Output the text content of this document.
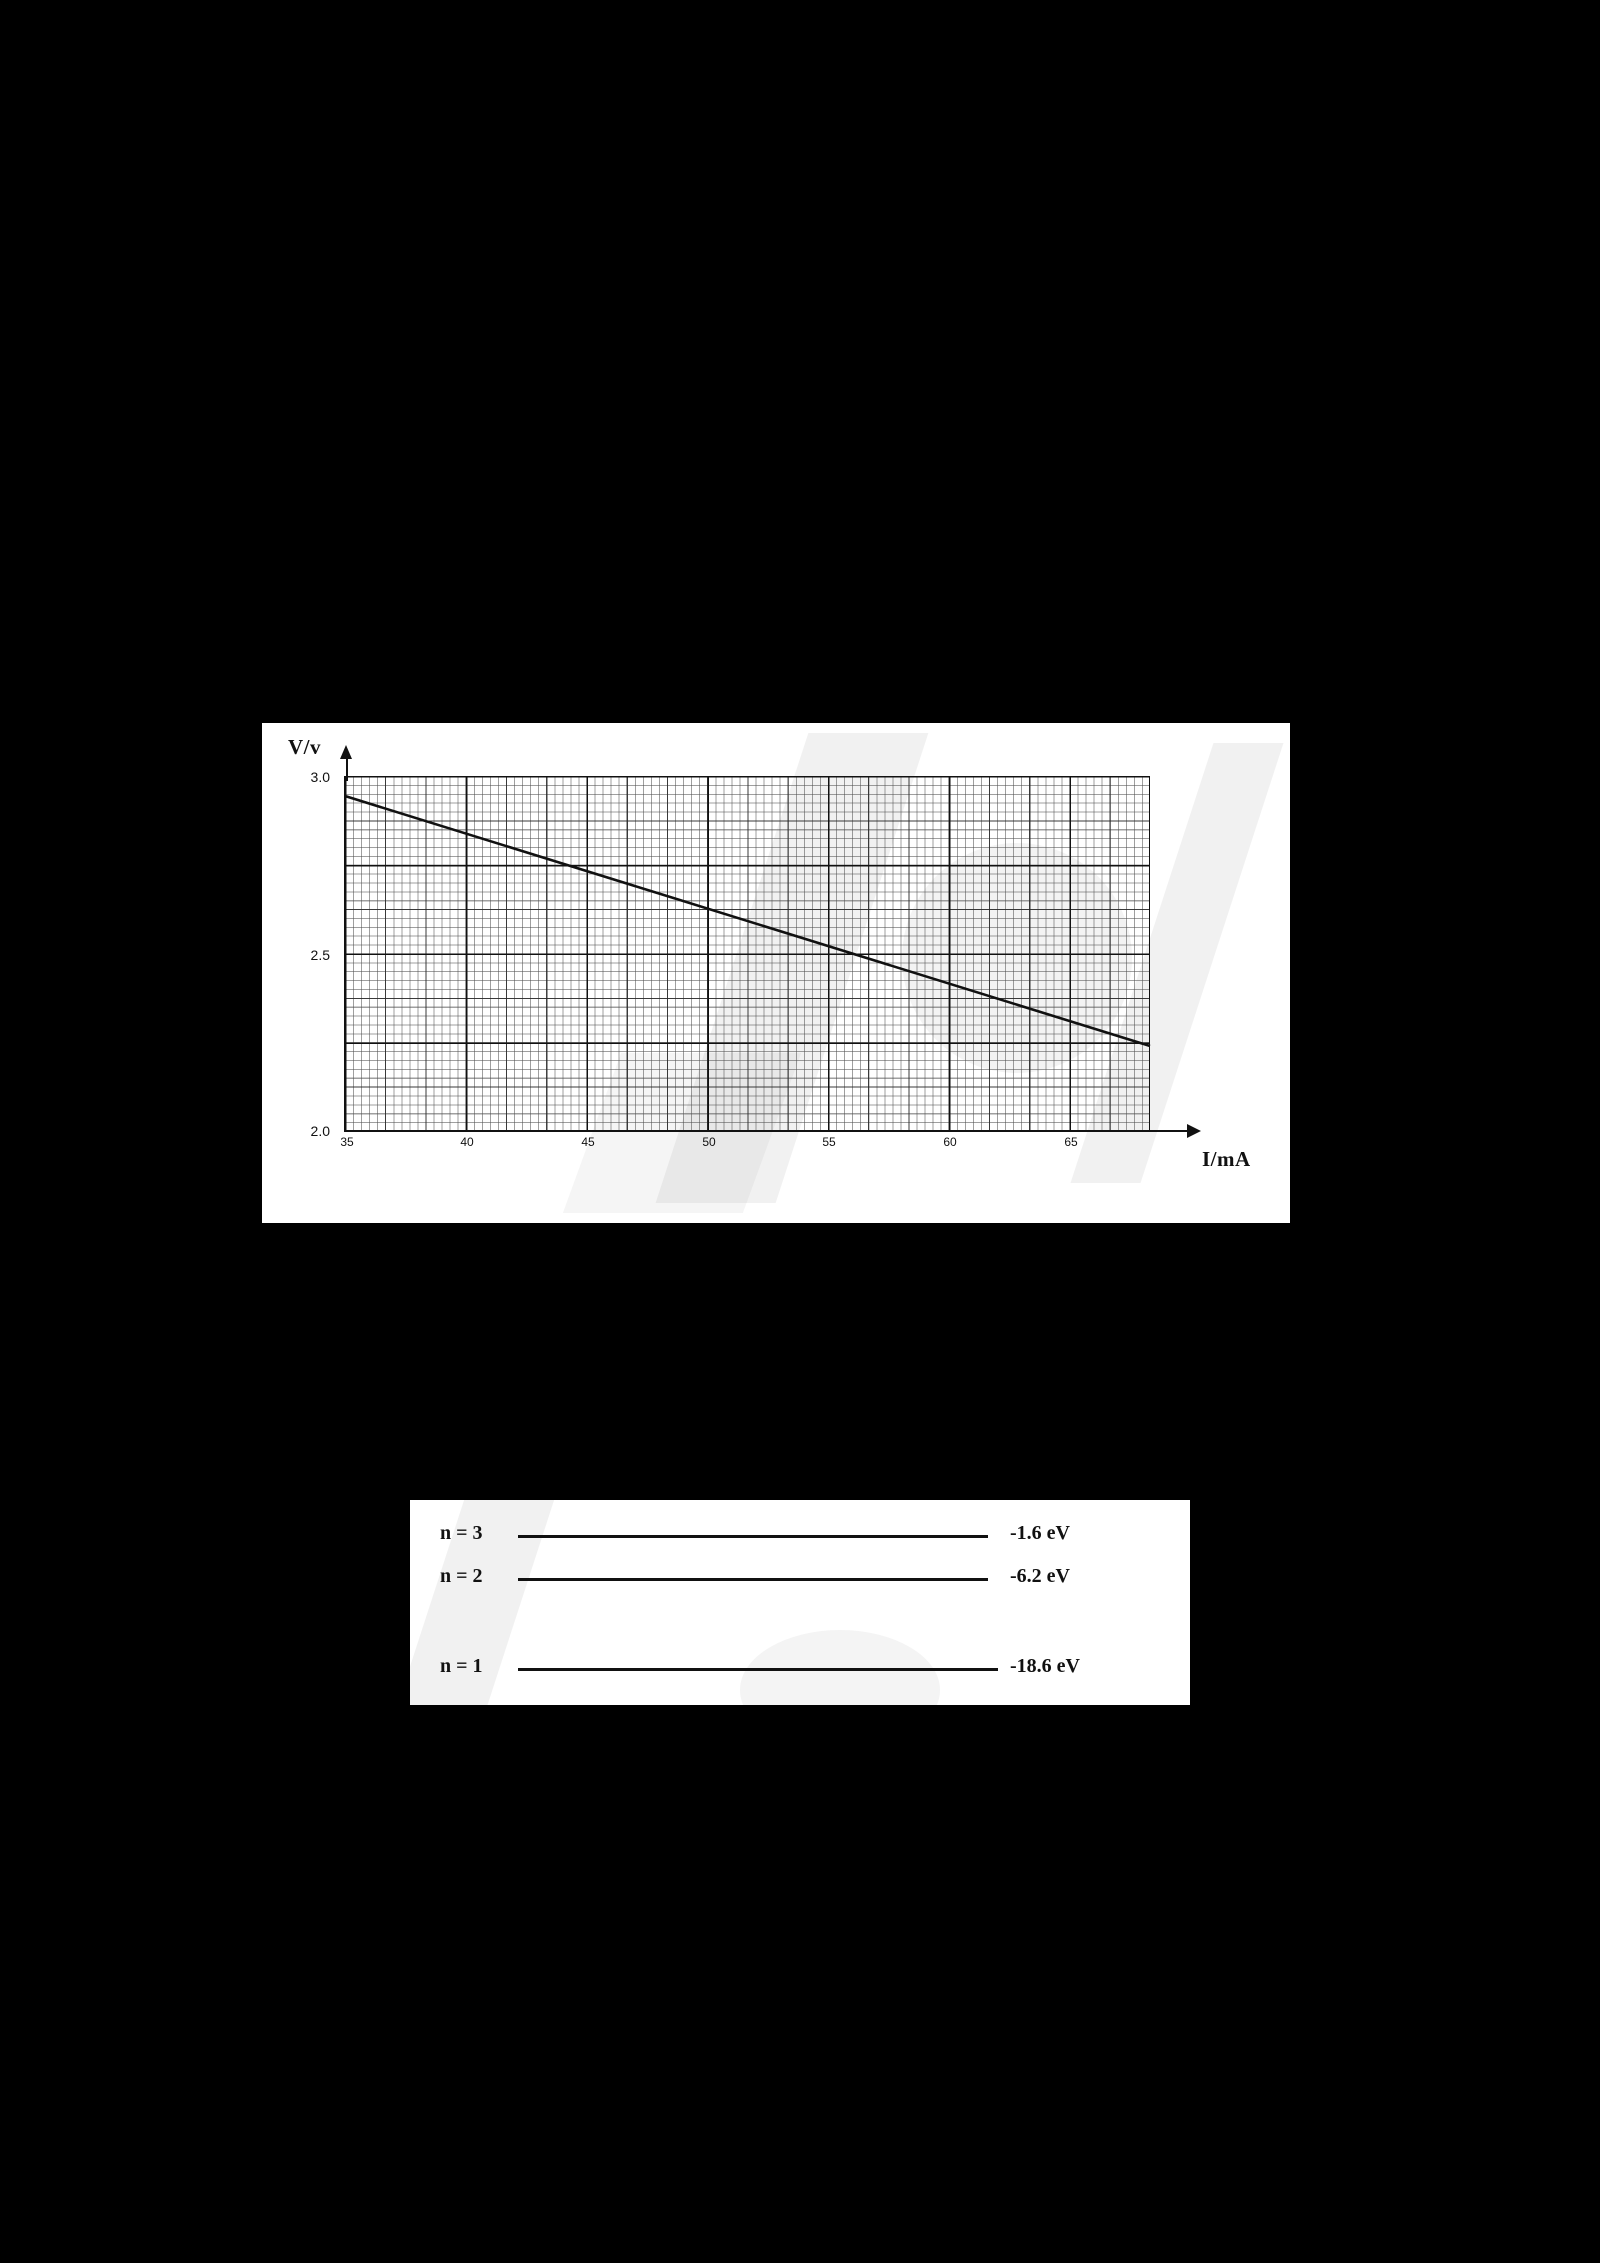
V/v
I/mA
3.0
2.5
2.0
35	40	45	50	55	60	65
n = 3	-1.6 eV
n = 2	-6.2 eV
n = 1	-18.6 eV
